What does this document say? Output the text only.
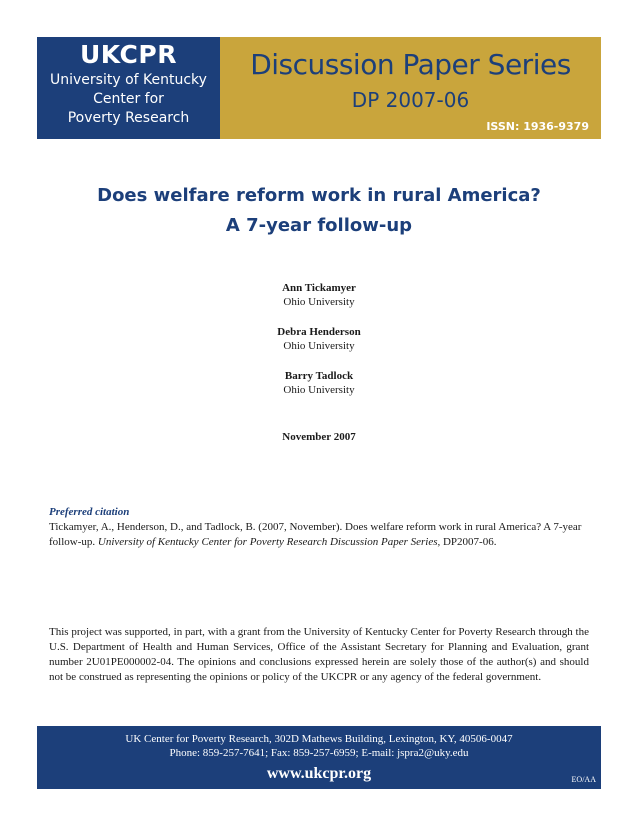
UKCPR
University of Kentucky
Center for
Poverty Research
Discussion Paper Series
DP 2007-06
ISSN: 1936-9379
Does welfare reform work in rural America?
A 7-year follow-up
Ann Tickamyer
Ohio University
Debra Henderson
Ohio University
Barry Tadlock
Ohio University
November 2007
Preferred citation
Tickamyer, A., Henderson, D., and Tadlock, B. (2007, November). Does welfare reform work in rural America? A 7-year follow-up. University of Kentucky Center for Poverty Research Discussion Paper Series, DP2007-06.
This project was supported, in part, with a grant from the University of Kentucky Center for Poverty Research through the U.S. Department of Health and Human Services, Office of the Assistant Secretary for Planning and Evaluation, grant number 2U01PE000002-04. The opinions and conclusions expressed herein are solely those of the author(s) and should not be construed as representing the opinions or policy of the UKCPR or any agency of the federal government.
UK Center for Poverty Research, 302D Mathews Building, Lexington, KY, 40506-0047
Phone: 859-257-7641; Fax: 859-257-6959; E-mail: jspra2@uky.edu
www.ukcpr.org	EO/AA
